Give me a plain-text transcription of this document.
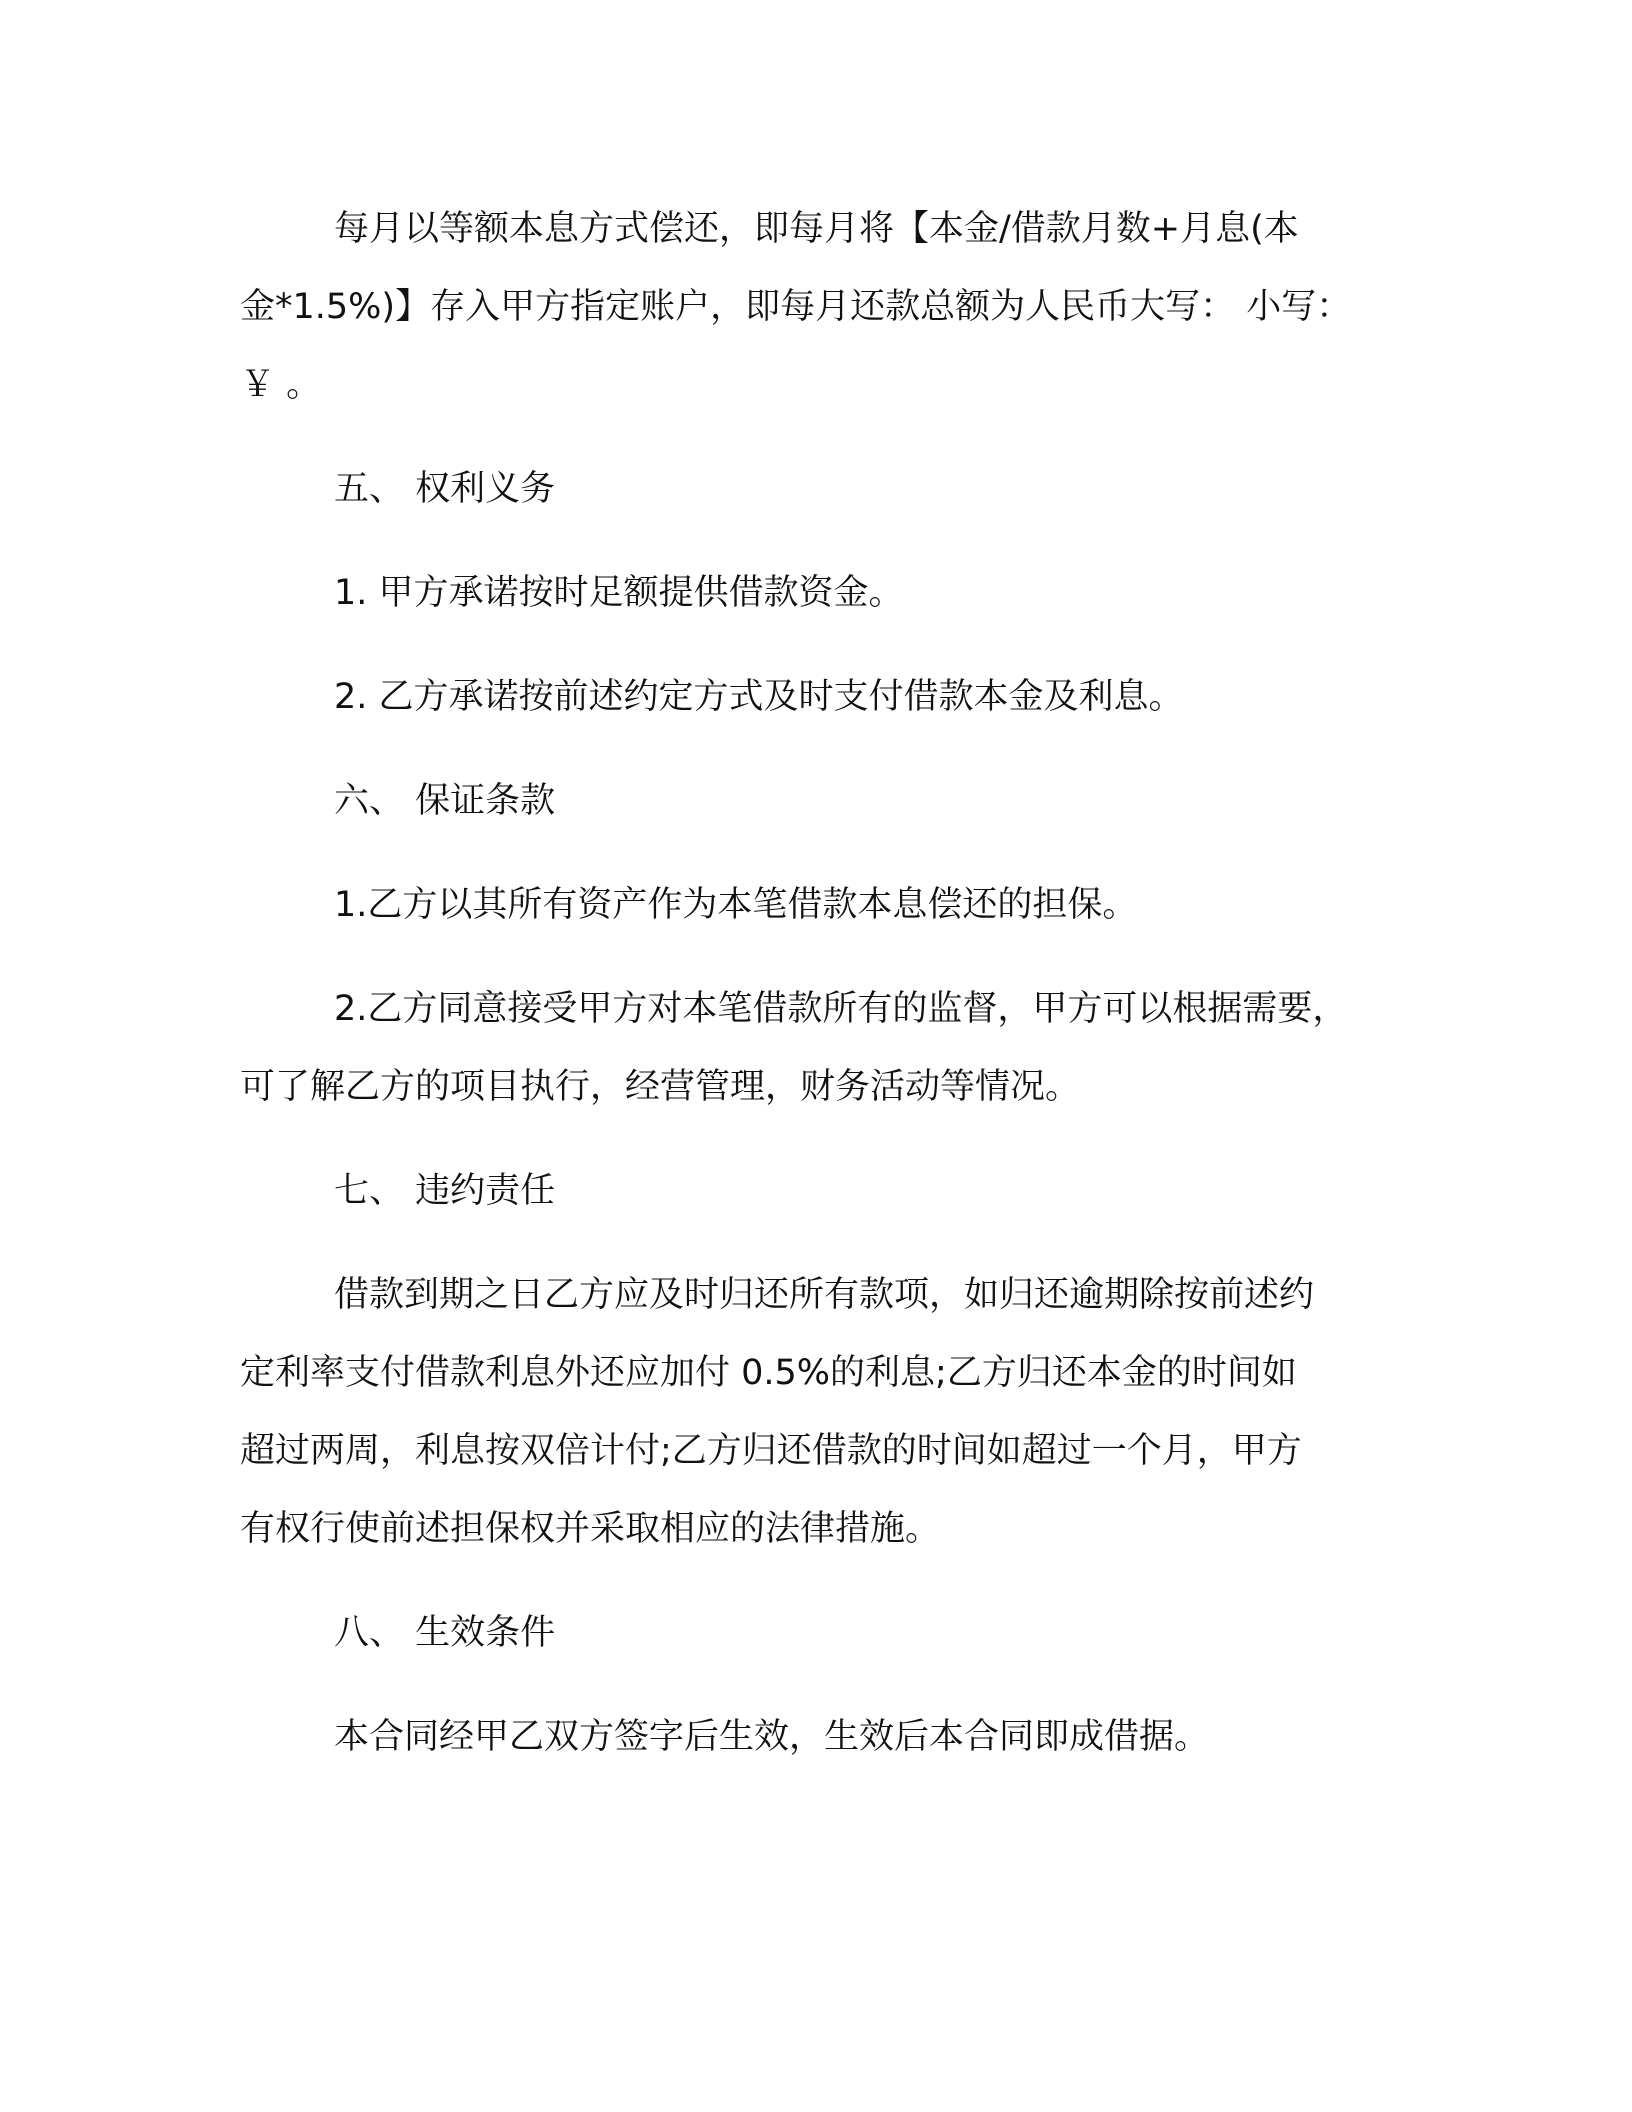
每月以等额本息方式偿还，即每月将【本金/借款月数+月息(本

金*1.5%)】存入甲方指定账户，即每月还款总额为人民币大写： 小写：

￥ 。

五、 权利义务

1. 甲方承诺按时足额提供借款资金。

2. 乙方承诺按前述约定方式及时支付借款本金及利息。

六、 保证条款

1.乙方以其所有资产作为本笔借款本息偿还的担保。

2.乙方同意接受甲方对本笔借款所有的监督，甲方可以根据需要，

可了解乙方的项目执行，经营管理，财务活动等情况。

七、 违约责任

借款到期之日乙方应及时归还所有款项，如归还逾期除按前述约

定利率支付借款利息外还应加付 0.5%的利息;乙方归还本金的时间如

超过两周，利息按双倍计付;乙方归还借款的时间如超过一个月，甲方

有权行使前述担保权并采取相应的法律措施。

八、 生效条件

本合同经甲乙双方签字后生效，生效后本合同即成借据。
